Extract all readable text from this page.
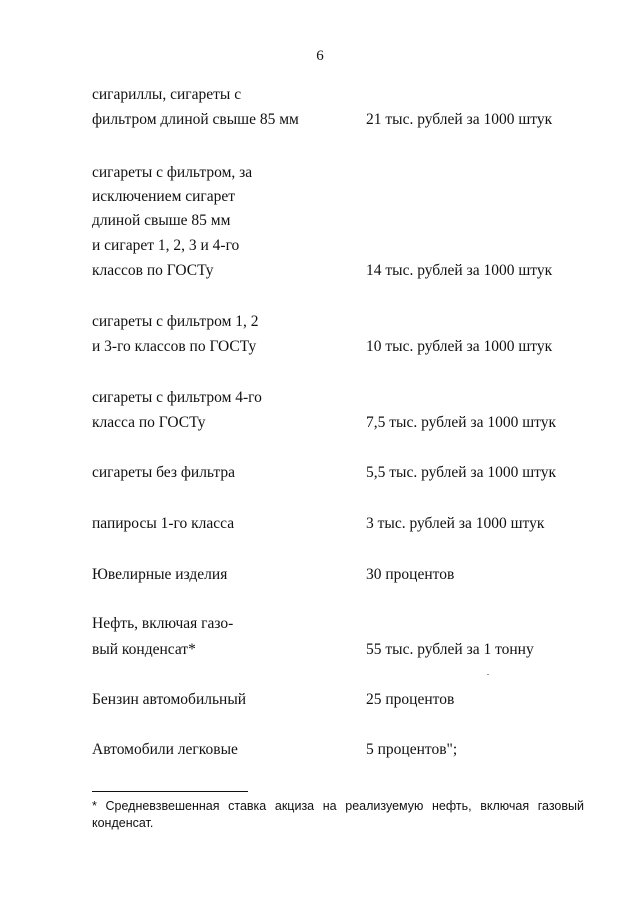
6
сигариллы, сигареты с
фильтром длиной свыше 85 мм	21 тыс. рублей за 1000 штук
сигареты с фильтром, за
исключением сигарет
длиной свыше 85 мм
и сигарет 1, 2, 3 и 4-го
классов по ГОСТу	14 тыс. рублей за 1000 штук
сигареты с фильтром 1, 2
и 3-го классов по ГОСТу	10 тыс. рублей за 1000 штук
сигареты с фильтром 4-го
класса по ГОСТу	7,5 тыс. рублей за 1000 штук
сигареты без фильтра	5,5 тыс. рублей за 1000 штук
папиросы 1-го класса	3 тыс. рублей за 1000 штук
Ювелирные изделия	30 процентов
Нефть, включая газо-
вый конденсат*	55 тыс. рублей за 1 тонну
Бензин автомобильный	25 процентов
Автомобили легковые	5 процентов";
* Средневзвешенная ставка акциза на реализуемую нефть, включая газовый конденсат.
